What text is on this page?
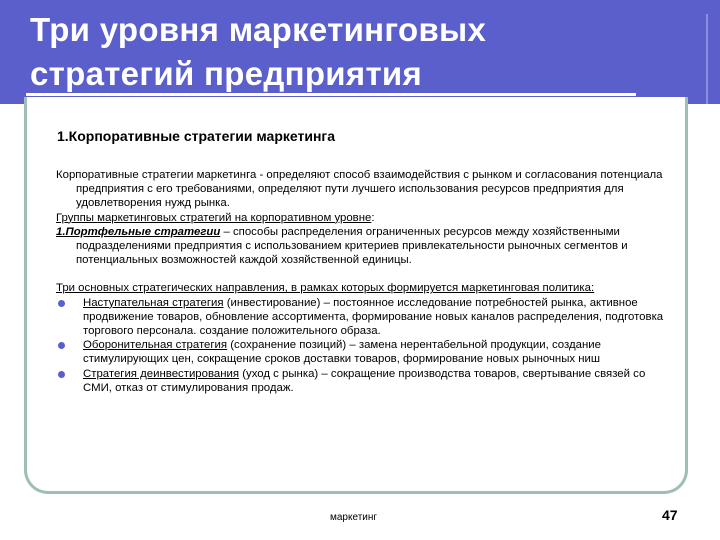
Три уровня маркетинговых
стратегий предприятия
1.Корпоративные стратегии маркетинга

Корпоративные стратегии маркетинга - определяют способ взаимодействия с рынком и согласования потенциала предприятия с его требованиями, определяют пути лучшего использования ресурсов предприятия для удовлетворения нужд рынка.

Группы маркетинговых стратегий на корпоративном уровне:

1.Портфельные стратегии – способы распределения ограниченных ресурсов между хозяйственными подразделениями предприятия с использованием критериев привлекательности рыночных сегментов и потенциальных возможностей каждой хозяйственной единицы.

Три основных стратегических направления, в рамках которых формируется маркетинговая политика:

Наступательная стратегия (инвестирование) – постоянное исследование потребностей рынка, активное продвижение товаров, обновление ассортимента, формирование новых каналов распределения, подготовка торгового персонала. создание положительного образа.
Оборонительная стратегия (сохранение позиций) – замена нерентабельной продукции, создание стимулирующих цен, сокращение сроков доставки товаров, формирование новых рыночных ниш
Стратегия деинвестирования (уход с рынка) – сокращение производства товаров, свертывание связей со СМИ, отказ от стимулирования продаж.
маркетинг	47
